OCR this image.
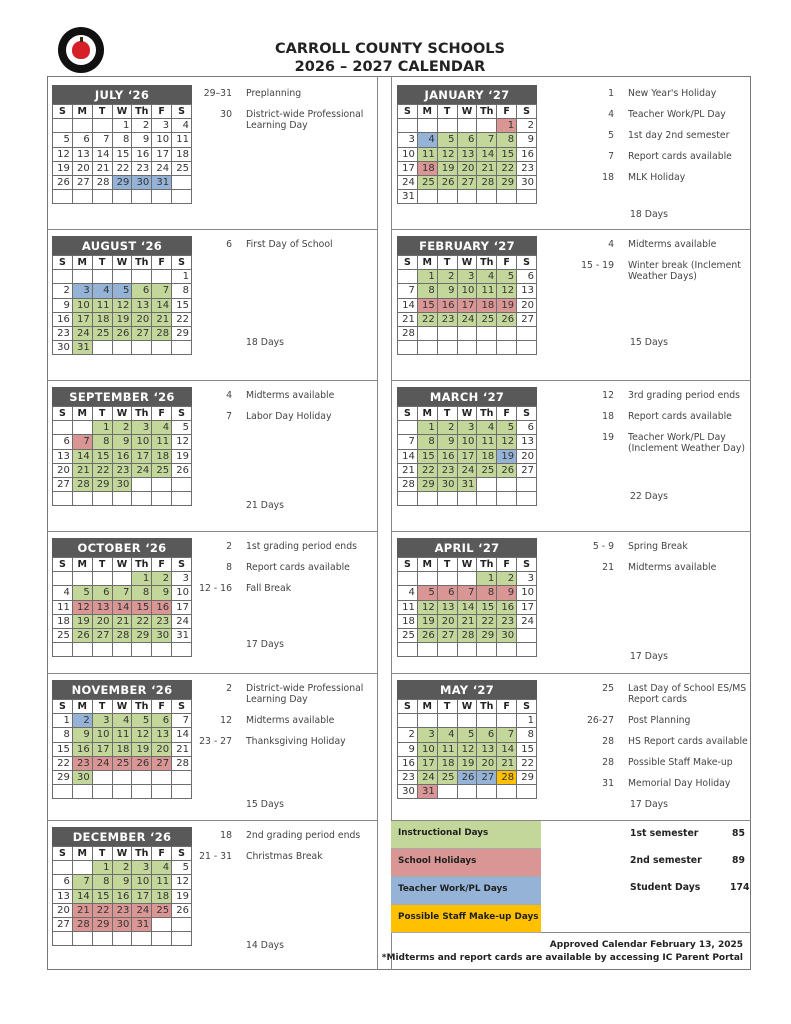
CARROLL COUNTY SCHOOLS
2026 – 2027 CALENDAR
JULY ‘26
S	M	T	W	Th	F	S
			1	2	3	4
5	6	7	8	9	10	11
12	13	14	15	16	17	18
19	20	21	22	23	24	25
26	27	28	29	30	31	

29–31	Preplanning
30	District-wide Professional Learning Day
AUGUST ‘26
S	M	T	W	Th	F	S
						1
2	3	4	5	6	7	8
9	10	11	12	13	14	15
16	17	18	19	20	21	22
23	24	25	26	27	28	29
30	31					
6	First Day of School
18 Days
SEPTEMBER ‘26
S	M	T	W	Th	F	S
		1	2	3	4	5
6	7	8	9	10	11	12
13	14	15	16	17	18	19
20	21	22	23	24	25	26
27	28	29	30			

4	Midterms available
7	Labor Day Holiday
21 Days
OCTOBER ‘26
S	M	T	W	Th	F	S
				1	2	3
4	5	6	7	8	9	10
11	12	13	14	15	16	17
18	19	20	21	22	23	24
25	26	27	28	29	30	31

2	1st grading period ends
8	Report cards available
12 - 16	Fall Break
17 Days
NOVEMBER ‘26
S	M	T	W	Th	F	S
1	2	3	4	5	6	7
8	9	10	11	12	13	14
15	16	17	18	19	20	21
22	23	24	25	26	27	28
29	30					

2	District-wide Professional Learning Day
12	Midterms available
23 - 27	Thanksgiving Holiday
15 Days
DECEMBER ‘26
S	M	T	W	Th	F	S
		1	2	3	4	5
6	7	8	9	10	11	12
13	14	15	16	17	18	19
20	21	22	23	24	25	26
27	28	29	30	31		

18	2nd grading period ends
21 - 31	Christmas Break
14 Days
JANUARY ‘27
S	M	T	W	Th	F	S
					1	2
3	4	5	6	7	8	9
10	11	12	13	14	15	16
17	18	19	20	21	22	23
24	25	26	27	28	29	30
31						
1	New Year's Holiday
4	Teacher Work/PL Day
5	1st day 2nd semester
7	Report cards available
18	MLK Holiday
18 Days
FEBRUARY ‘27
S	M	T	W	Th	F	S
	1	2	3	4	5	6
7	8	9	10	11	12	13
14	15	16	17	18	19	20
21	22	23	24	25	26	27
28						

4	Midterms available
15 - 19	Winter break (Inclement Weather Days)
15 Days
MARCH ‘27
S	M	T	W	Th	F	S
	1	2	3	4	5	6
7	8	9	10	11	12	13
14	15	16	17	18	19	20
21	22	23	24	25	26	27
28	29	30	31			

12	3rd grading period ends
18	Report cards available
19	Teacher Work/PL Day (Inclement Weather Day)
22 Days
APRIL ‘27
S	M	T	W	Th	F	S
				1	2	3
4	5	6	7	8	9	10
11	12	13	14	15	16	17
18	19	20	21	22	23	24
25	26	27	28	29	30	

5 - 9	Spring Break
21	Midterms available
17 Days
MAY ‘27
S	M	T	W	Th	F	S
						1
2	3	4	5	6	7	8
9	10	11	12	13	14	15
16	17	18	19	20	21	22
23	24	25	26	27	28	29
30	31					
25	Last Day of School ES/MS Report cards
26-27	Post Planning
28	HS Report cards available
28	Possible Staff Make-up
31	Memorial Day Holiday
17 Days
Instructional Days
School Holidays
Teacher Work/PL Days
Possible Staff Make-up Days
1st semester	85
2nd semester	89
Student Days	174
Approved Calendar February 13, 2025
*Midterms and report cards are available by accessing IC Parent Portal
